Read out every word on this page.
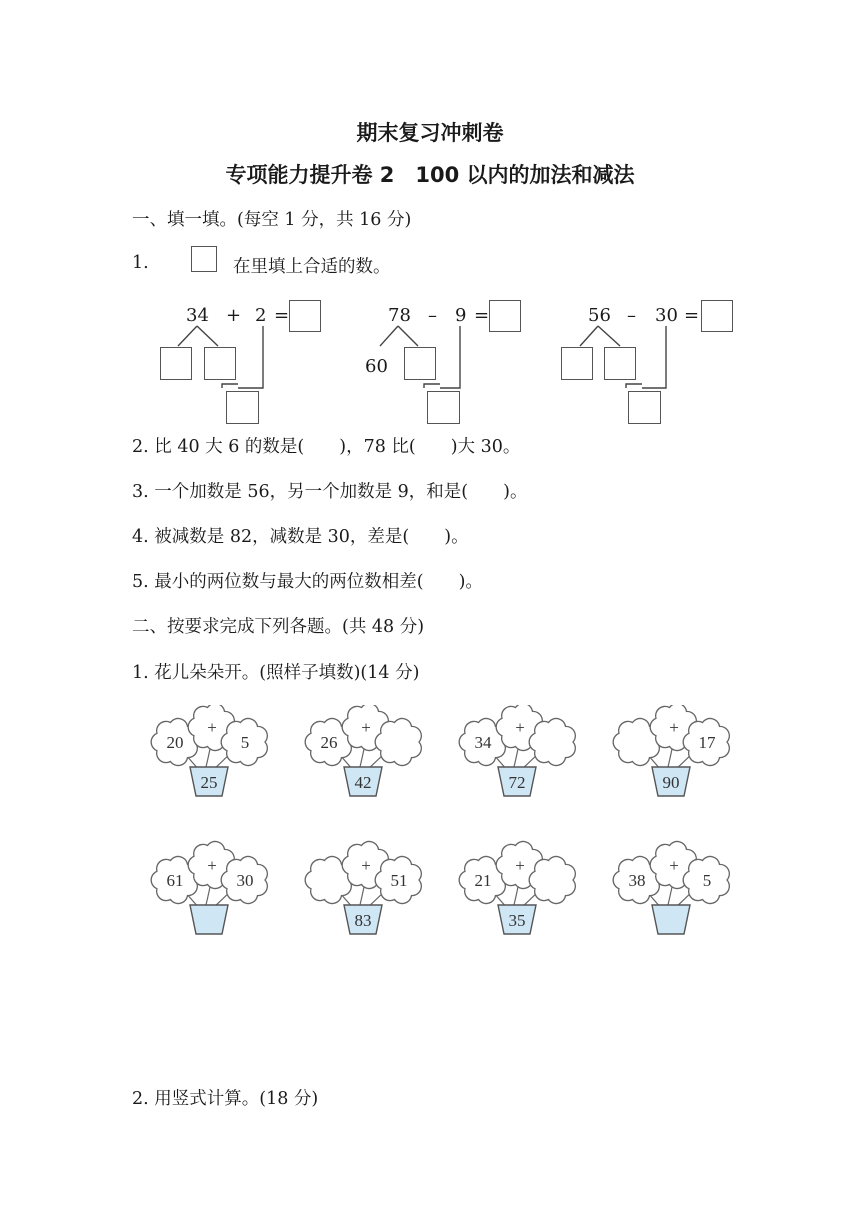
期末复习冲刺卷
专项能力提升卷 2　100 以内的加法和减法
一、填一填。(每空 1 分，共 16 分)
1.	在里填上合适的数。
34 + 2 =	78 – 9 =
60
56 – 30 =
2. 比 40 大 6 的数是(　　)，78 比(　　)大 30。
3. 一个加数是 56，另一个加数是 9，和是(　　)。
4. 被减数是 82，减数是 30，差是(　　)。
5. 最小的两位数与最大的两位数相差(　　)。
二、按要求完成下列各题。(共 48 分)
1. 花儿朵朵开。(照样子填数)(14 分)
20
+
5
25
26
+
42
34
+
72
+
17
90
61
+
30
+
51
83
21
+
35
38
+
5
2. 用竖式计算。(18 分)
